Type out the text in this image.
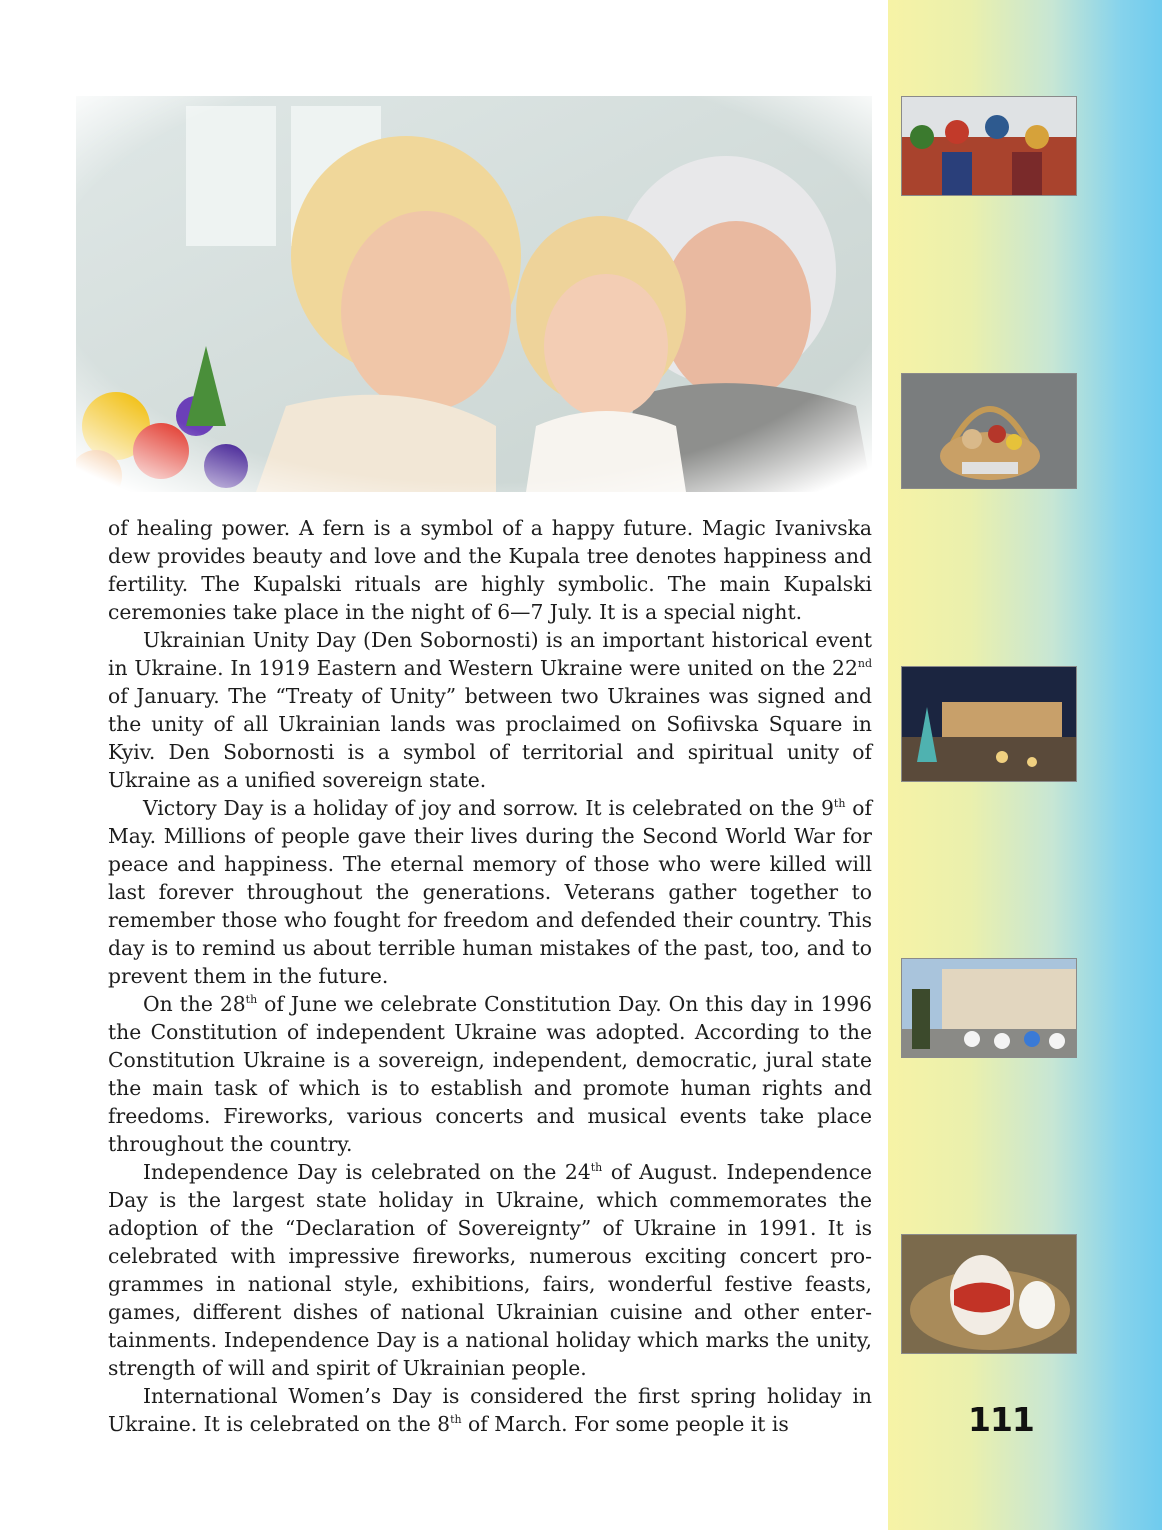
111

of healing power. A fern is a symbol of a happy future. Magic Ivanivska dew provides beauty and love and the Kupala tree denotes happiness and fertility. The Kupalski rituals are highly symbolic. The main Kupalski ceremonies take place in the night of 6—7 July. It is a special night.

Ukrainian Unity Day (Den Sobornosti) is an important historical event in Ukraine. In 1919 Eastern and Western Ukraine were united on the 22nd of January. The “Treaty of Unity” between two Ukraines was signed and the unity of all Ukrainian lands was proclaimed on Sofiivska Square in Kyiv. Den Sobornosti is a symbol of territorial and spiritual unity of Ukraine as a unified sovereign state.

Victory Day is a holiday of joy and sorrow. It is celebrated on the 9th of May. Millions of people gave their lives during the Second World War for peace and happiness. The eternal memory of those who were killed will last forever throughout the generations. Veterans gather together to remember those who fought for freedom and defended their country. This day is to remind us about terrible human mistakes of the past, too, and to prevent them in the future.

On the 28th of June we celebrate Constitution Day. On this day in 1996 the Constitution of independent Ukraine was adopted. According to the Constitution Ukraine is a sovereign, independent, democratic, jural state the main task of which is to establish and promote human rights and freedoms. Fireworks, various concerts and musical events take place throughout the country.

Independence Day is celebrated on the 24th of August. Independence Day is the largest state holiday in Ukraine, which commemorates the adoption of the “Declaration of Sovereignty” of Ukraine in 1991. It is celebrated with impressive fireworks, numerous exciting concert programmes in national style, exhibitions, fairs, wonderful festive feasts, games, different dishes of national Ukrainian cuisine and other entertainments. Independence Day is a national holiday which marks the unity, strength of will and spirit of Ukrainian people.

International Women’s Day is considered the first spring holiday in Ukraine. It is celebrated on the 8th of March. For some people it is
